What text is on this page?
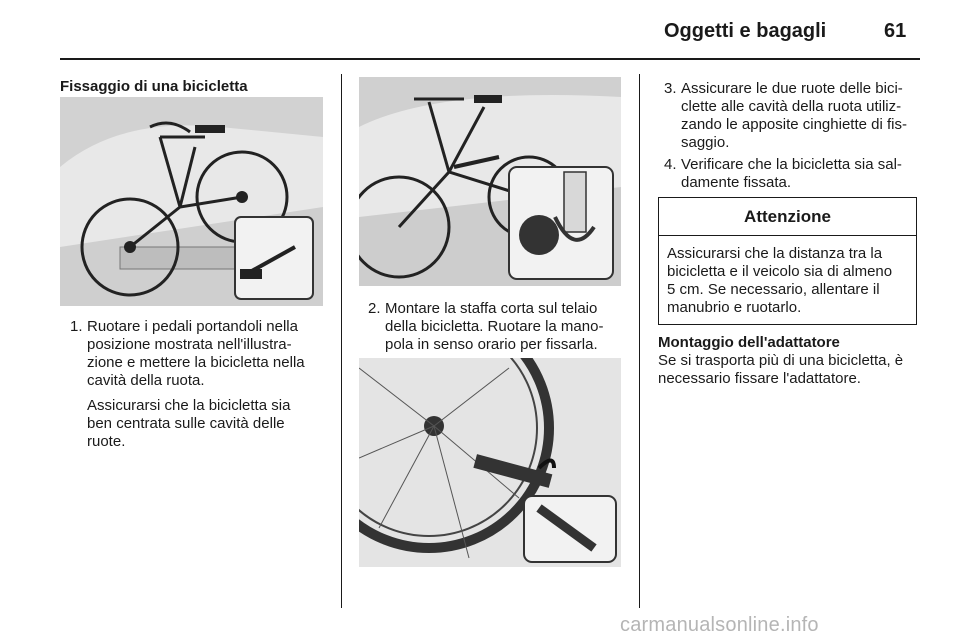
Oggetti e bagagli	61
Fissaggio di una bicicletta
1. Ruotare i pedali portandoli nella
posizione mostrata nell'illustra-
zione e mettere la bicicletta nella
cavità della ruota.
Assicurarsi che la bicicletta sia
ben centrata sulle cavità delle
ruote.
2. Montare la staffa corta sul telaio
della bicicletta. Ruotare la mano-
pola in senso orario per fissarla.
3. Assicurare le due ruote delle bici-
clette alle cavità della ruota utiliz-
zando le apposite cinghiette di fis-
saggio.
4. Verificare che la bicicletta sia sal-
damente fissata.
Attenzione
Assicurarsi che la distanza tra la
bicicletta e il veicolo sia di almeno
5 cm. Se necessario, allentare il
manubrio e ruotarlo.
Montaggio dell'adattatore
Se si trasporta più di una bicicletta, è
necessario fissare l'adattatore.
carmanualsonline.info
